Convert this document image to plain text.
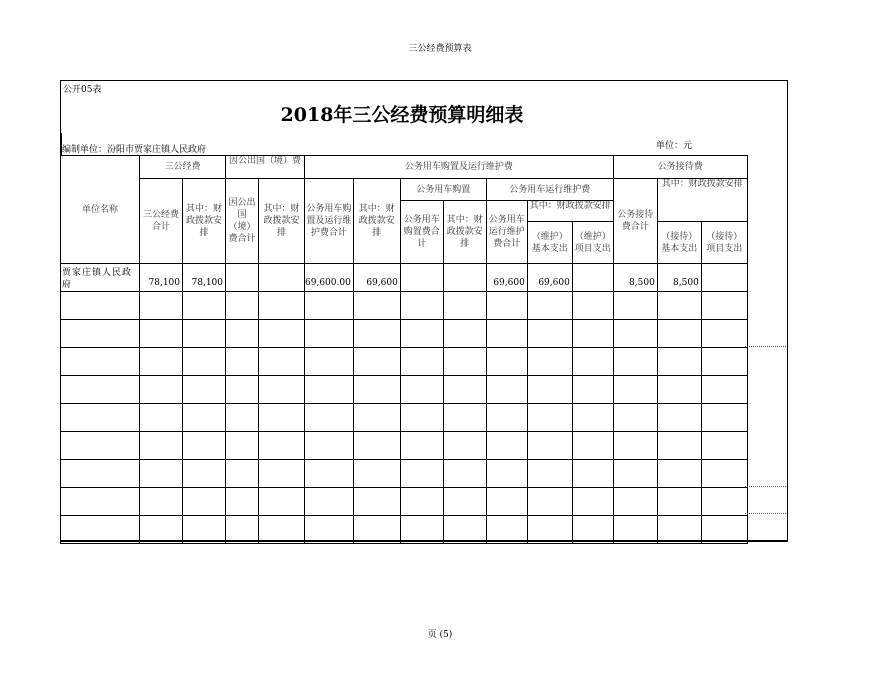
三公经费预算表
公开05表
2018年三公经费预算明细表
编制单位：汾阳市贾家庄镇人民政府	单位：元
单位名称	三公经费		因公出国（境）费		公务用车购置及运行维护费							公务接待费		
	三公经费合计	其中：财政拨款安排	因公出国（境）费合计	其中：财政拨款安排	公务用车购置及运行维护费合计	其中：财政拨款安排	公务用车购置		公务用车运行维护费			公务接待费合计	其中：财政拨款安排	
							公务用车购置费合计	其中：财政拨款安排	公务用车运行维护费合计	其中：财政拨款安排				
										（维护）基本支出	（维护）项目支出		（接待）基本支出	（接待）项目支出
贾家庄镇人民政府	78,100	78,100			69,600.00	69,600			69,600	69,600		8,500	8,500	

页 (5)
